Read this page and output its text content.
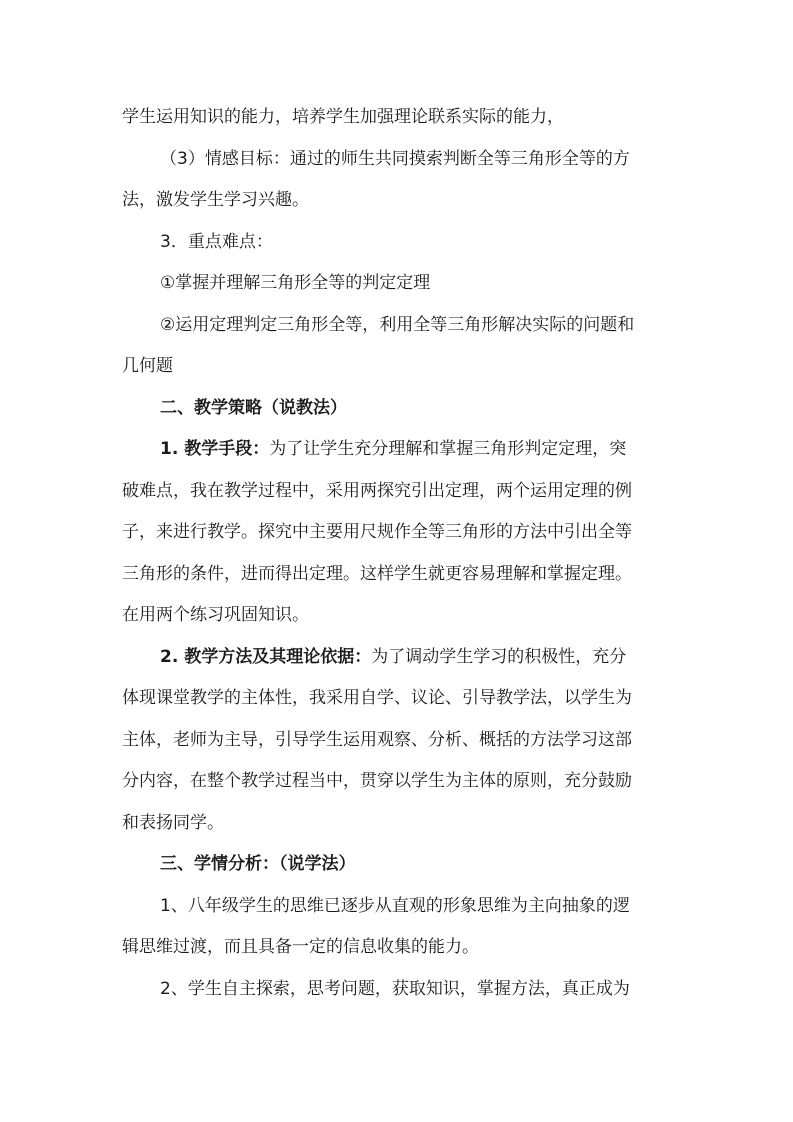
学生运用知识的能力，培养学生加强理论联系实际的能力，
（3）情感目标：通过的师生共同摸索判断全等三角形全等的方
法，激发学生学习兴趣。
3．重点难点：
①掌握并理解三角形全等的判定定理
②运用定理判定三角形全等，利用全等三角形解决实际的问题和
几何题
二、教学策略（说教法）
1. 教学手段：为了让学生充分理解和掌握三角形判定定理，突
破难点，我在教学过程中，采用两探究引出定理，两个运用定理的例
子，来进行教学。探究中主要用尺规作全等三角形的方法中引出全等
三角形的条件，进而得出定理。这样学生就更容易理解和掌握定理。
在用两个练习巩固知识。
2. 教学方法及其理论依据：为了调动学生学习的积极性，充分
体现课堂教学的主体性，我采用自学、议论、引导教学法，以学生为
主体，老师为主导，引导学生运用观察、分析、概括的方法学习这部
分内容，在整个教学过程当中，贯穿以学生为主体的原则，充分鼓励
和表扬同学。
三、学情分析：（说学法）
1、八年级学生的思维已逐步从直观的形象思维为主向抽象的逻
辑思维过渡，而且具备一定的信息收集的能力。
2、学生自主探索，思考问题，获取知识，掌握方法，真正成为
